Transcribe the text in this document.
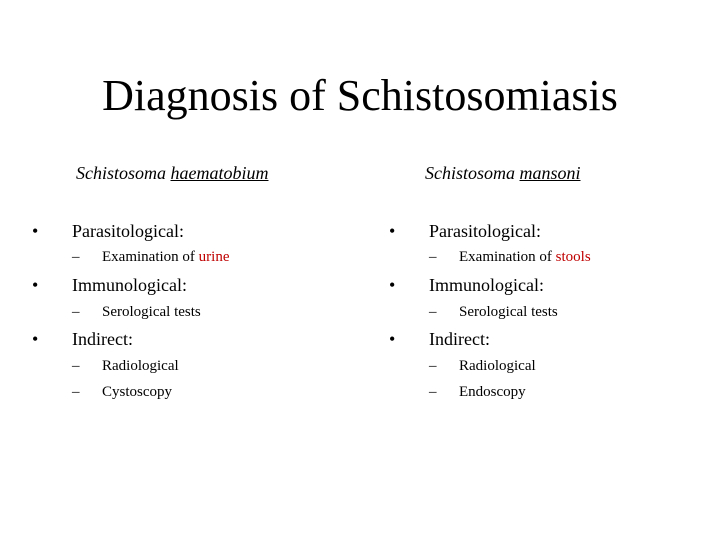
Diagnosis of Schistosomiasis
Schistosoma haematobium
• Parasitological:
– Examination of urine
• Immunological:
– Serological tests
• Indirect:
– Radiological
– Cystoscopy
Schistosoma mansoni
• Parasitological:
– Examination of stools
• Immunological:
– Serological tests
• Indirect:
– Radiological
– Endoscopy
